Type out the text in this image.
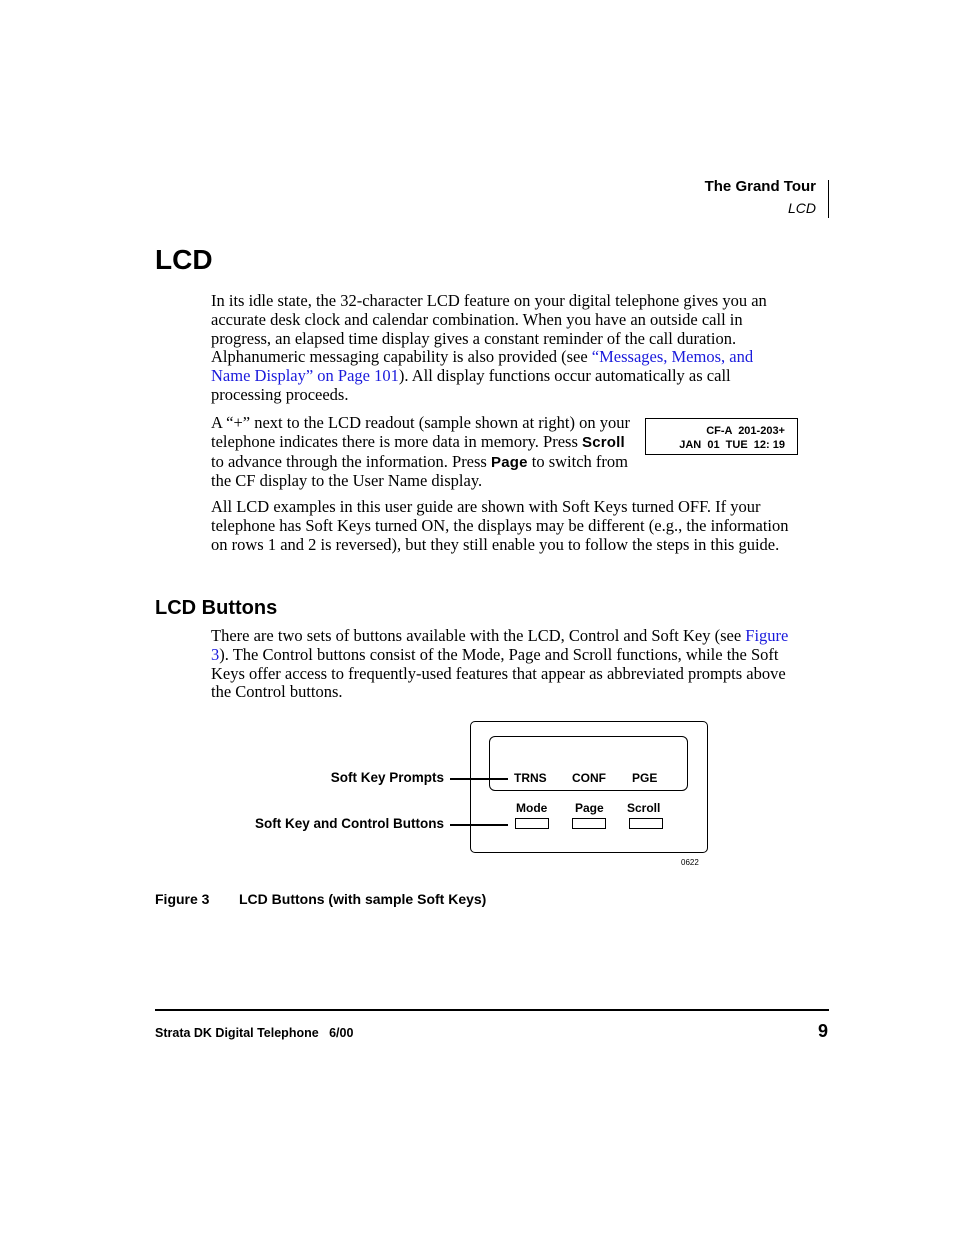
The Grand Tour
LCD
LCD

In its idle state, the 32-character LCD feature on your digital telephone gives you an accurate desk clock and calendar combination. When you have an outside call in progress, an elapsed time display gives a constant reminder of the call duration. Alphanumeric messaging capability is also provided (see “Messages, Memos, and Name Display” on Page 101). All display functions occur automatically as call processing proceeds.

A “+” next to the LCD readout (sample shown at right) on your telephone indicates there is more data in memory. Press Scroll to advance through the information. Press Page to switch from the CF display to the User Name display.

CF-A  201-203+
JAN  01  TUE  12: 19

All LCD examples in this user guide are shown with Soft Keys turned OFF. If your telephone has Soft Keys turned ON, the displays may be different (e.g., the information on rows 1 and 2 is reversed), but they still enable you to follow the steps in this guide.

LCD Buttons

There are two sets of buttons available with the LCD, Control and Soft Key (see Figure 3). The Control buttons consist of the Mode, Page and Scroll functions, while the Soft Keys offer access to frequently-used features that appear as abbreviated prompts above the Control buttons.

TRNS CONF PGE
Mode Page Scroll
Soft Key Prompts
Soft Key and Control Buttons
0622
Figure 3 LCD Buttons (with sample Soft Keys)
Strata DK Digital Telephone   6/00	9
